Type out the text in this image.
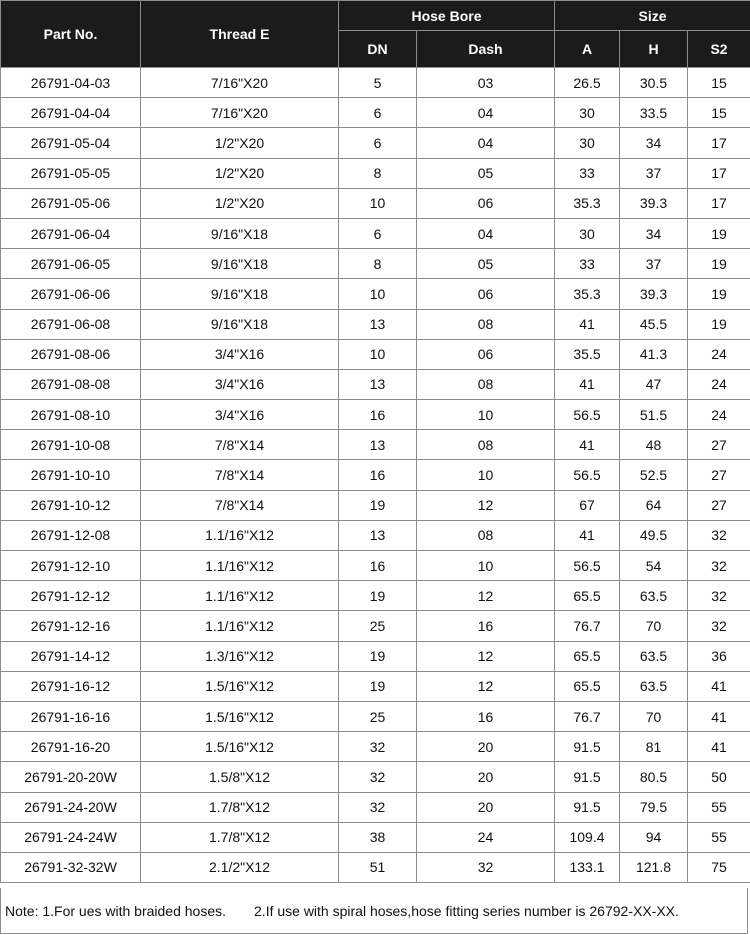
Part No.	Thread E	Hose Bore		Size		
		DN	Dash	A	H	S2
26791-04-03	7/16"X20	5	03	26.5	30.5	15
26791-04-04	7/16"X20	6	04	30	33.5	15
26791-05-04	1/2"X20	6	04	30	34	17
26791-05-05	1/2"X20	8	05	33	37	17
26791-05-06	1/2"X20	10	06	35.3	39.3	17
26791-06-04	9/16"X18	6	04	30	34	19
26791-06-05	9/16"X18	8	05	33	37	19
26791-06-06	9/16"X18	10	06	35.3	39.3	19
26791-06-08	9/16"X18	13	08	41	45.5	19
26791-08-06	3/4"X16	10	06	35.5	41.3	24
26791-08-08	3/4"X16	13	08	41	47	24
26791-08-10	3/4"X16	16	10	56.5	51.5	24
26791-10-08	7/8"X14	13	08	41	48	27
26791-10-10	7/8"X14	16	10	56.5	52.5	27
26791-10-12	7/8"X14	19	12	67	64	27
26791-12-08	1.1/16"X12	13	08	41	49.5	32
26791-12-10	1.1/16"X12	16	10	56.5	54	32
26791-12-12	1.1/16"X12	19	12	65.5	63.5	32
26791-12-16	1.1/16"X12	25	16	76.7	70	32
26791-14-12	1.3/16"X12	19	12	65.5	63.5	36
26791-16-12	1.5/16"X12	19	12	65.5	63.5	41
26791-16-16	1.5/16"X12	25	16	76.7	70	41
26791-16-20	1.5/16"X12	32	20	91.5	81	41
26791-20-20W	1.5/8"X12	32	20	91.5	80.5	50
26791-24-20W	1.7/8"X12	32	20	91.5	79.5	55
26791-24-24W	1.7/8"X12	38	24	109.4	94	55
26791-32-32W	2.1/2"X12	51	32	133.1	121.8	75
Note: 1.For ues with braided hoses. 2.If use with spiral hoses,hose fitting series number is 26792-XX-XX.
